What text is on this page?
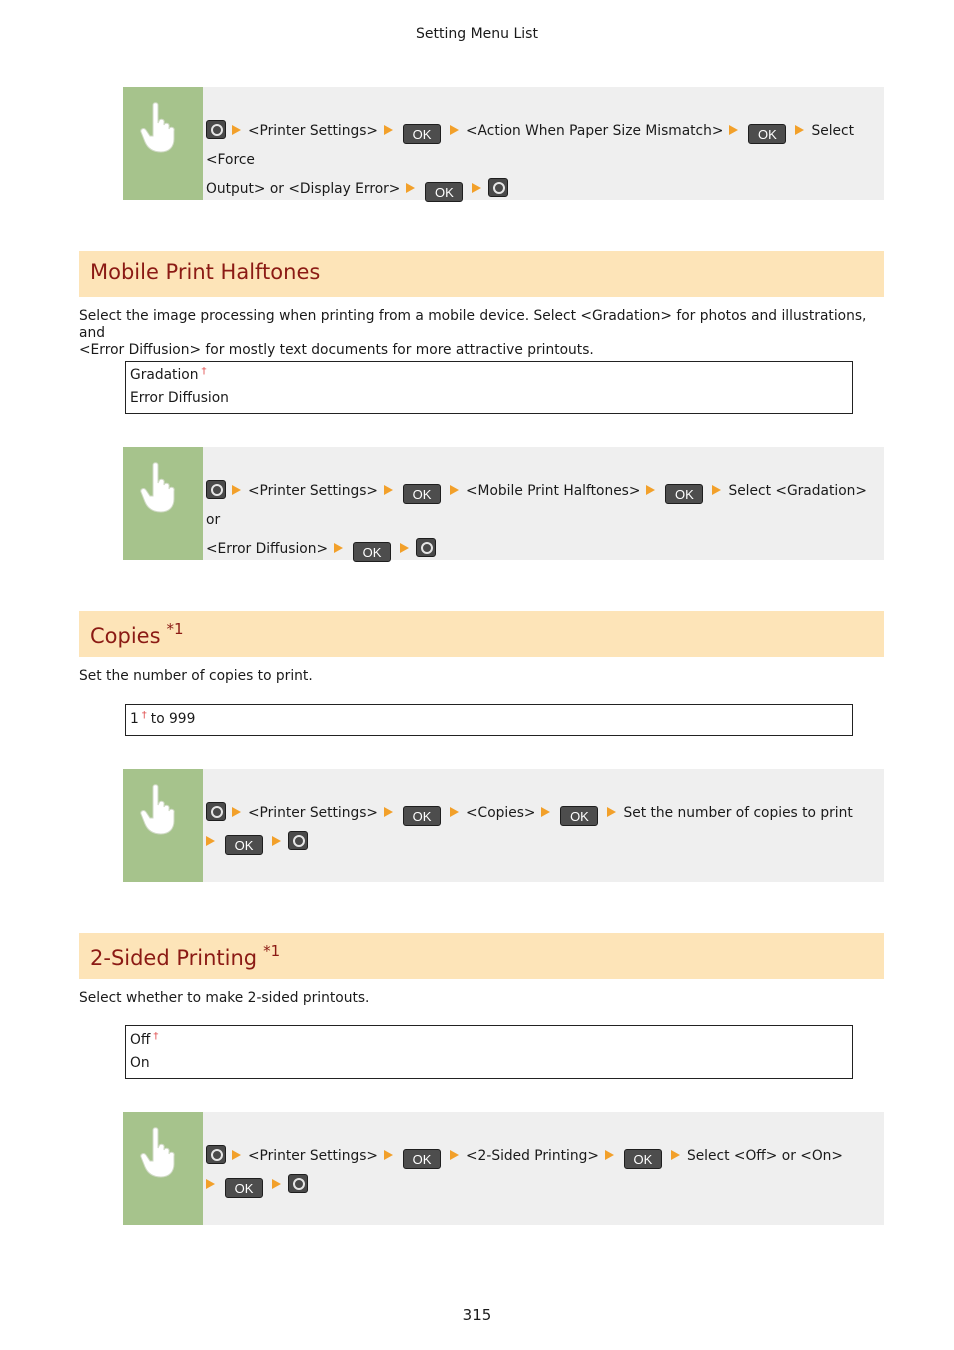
Setting Menu List
<Printer Settings>	OK	<Action When Paper Size Mismatch>	OK	Select <Force
Output> or <Display Error>	OK
Mobile Print Halftones
Select the image processing when printing from a mobile device. Select <Gradation> for photos and illustrations, and
<Error Diffusion> for mostly text documents for more attractive printouts.
Gradation †
Error Diffusion
<Printer Settings>	OK	<Mobile Print Halftones>	OK	Select <Gradation> or
<Error Diffusion>	OK
Copies $^{*1}$
Set the number of copies to print.
1 † to 999
<Printer Settings>	OK	<Copies>	OK	Set the number of copies to print
OK
2-Sided Printing $^{*1}$
Select whether to make 2-sided printouts.
Off †
On
<Printer Settings>	OK	<2-Sided Printing>	OK	Select <Off> or <On>
OK
315
